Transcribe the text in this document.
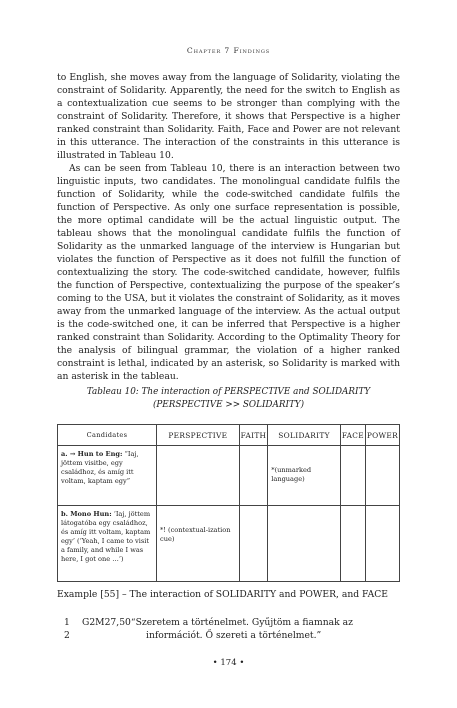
Chapter 7 Findings

to English, she moves away from the language of Solidarity, violating the constraint of Solidarity. Apparently, the need for the switch to English as a contextualization cue seems to be stronger than complying with the constraint of Solidarity. Therefore, it shows that Perspective is a higher ranked constraint than Solidarity. Faith, Face and Power are not relevant in this utterance. The interaction of the constraints in this utterance is illustrated in Tableau 10.

As can be seen from Tableau 10, there is an interaction between two linguistic inputs, two candidates. The monolingual candidate fulfils the function of Solidarity, while the code-switched candidate fulfils the function of Perspective. As only one surface representation is possible, the more optimal candidate will be the actual linguistic output. The tableau shows that the monolingual candidate fulfils the function of Solidarity as the unmarked language of the interview is Hungarian but violates the function of Perspective as it does not fulfill the function of contextualizing the story. The code-switched candidate, however, fulfils the function of Perspective, contextualizing the purpose of the speaker’s coming to the USA, but it violates the constraint of Solidarity, as it moves away from the unmarked language of the interview. As the actual output is the code-switched one, it can be inferred that Perspective is a higher ranked constraint than Solidarity. According to the Optimality Theory for the analysis of bilingual grammar, the violation of a higher ranked constraint is lethal, indicated by an asterisk, so Solidarity is marked with an asterisk in the tableau.

Tableau 10: The interaction of PERSPECTIVE and SOLIDARITY
(PERSPECTIVE >> SOLIDARITY)
Candidates	PERSPECTIVE	FAITH	SOLIDARITY	FACE	POWER
a. → Hun to Eng: “Iaj, jöttem visitbe, egy családhoz, és amíg itt voltam, kaptam egy”			*(unmarked language)		
b. Mono Hun: ‘Iaj, jöttem látogatóba egy családhoz, és amíg itt voltam, kaptam egy’ (‘Yeah, I came to visit a family, and while I was here, I got one …’)	*! (contextual-ization cue)				
Example [55] – The interaction of SOLIDARITY and POWER, and FACE
1 G2M27,50“Szeretem a történelmet. Gyűjtöm a fiamnak az
2	információt. Ő szereti a történelmet.”
• 174 •
